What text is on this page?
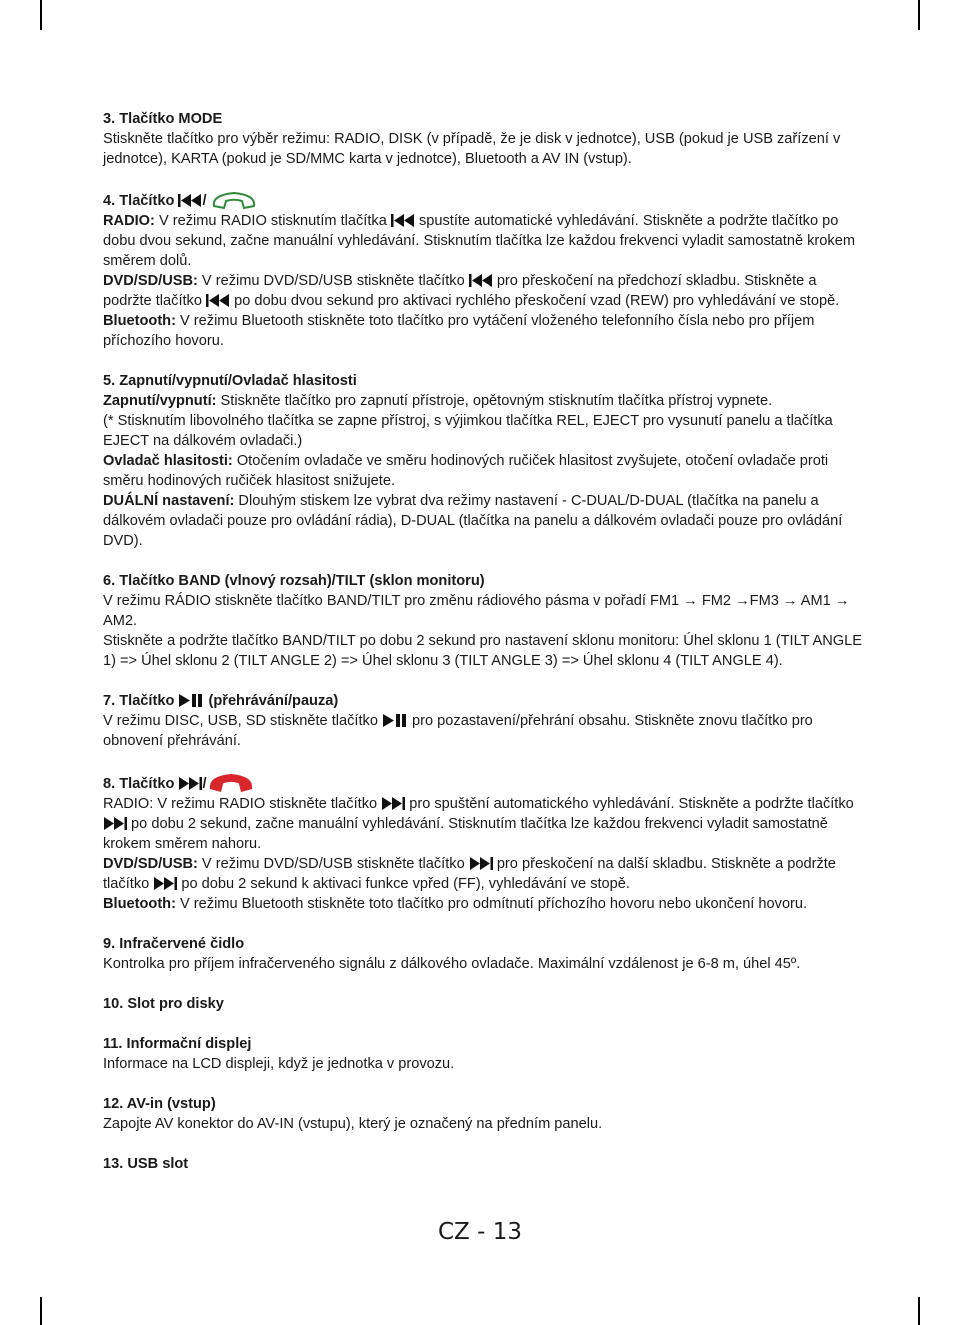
3. Tlačítko MODE

Stiskněte tlačítko pro výběr režimu: RADIO, DISK (v případě, že je disk v jednotce), USB (pokud je USB zařízení v jednotce), KARTA (pokud je SD/MMC karta v jednotce), Bluetooth a AV IN (vstup).

4. Tlačítko /

RADIO: V režimu RADIO stisknutím tlačítka
spustíte automatické vyhledávání. Stiskněte a podržte tlačítko po dobu dvou sekund, začne manuální vyhledávání. Stisknutím tlačítka lze každou frekvenci vyladit samostatně krokem směrem dolů.

DVD/SD/USB: V režimu DVD/SD/USB stiskněte tlačítko
pro přeskočení na předchozí skladbu. Stiskněte a podržte tlačítko
po dobu dvou sekund pro aktivaci rychlého přeskočení vzad (REW) pro vyhledávání ve stopě.

Bluetooth: V režimu Bluetooth stiskněte toto tlačítko pro vytáčení vloženého telefonního čísla nebo pro příjem příchozího hovoru.

5. Zapnutí/vypnutí/Ovladač hlasitosti

Zapnutí/vypnutí: Stiskněte tlačítko pro zapnutí přístroje, opětovným stisknutím tlačítka přístroj vypnete.

(* Stisknutím libovolného tlačítka se zapne přístroj, s výjimkou tlačítka REL, EJECT pro vysunutí panelu a tlačítka EJECT na dálkovém ovladači.)

Ovladač hlasitosti: Otočením ovladače ve směru hodinových ručiček hlasitost zvyšujete, otočení ovladače proti směru hodinových ručiček hlasitost snižujete.

DUÁLNÍ nastavení: Dlouhým stiskem lze vybrat dva režimy nastavení - C-DUAL/D-DUAL (tlačítka na panelu a dálkovém ovladači pouze pro ovládání rádia), D-DUAL (tlačítka na panelu a dálkovém ovladači pouze pro ovládání DVD).

6. Tlačítko BAND (vlnový rozsah)/TILT (sklon monitoru)

V režimu RÁDIO stiskněte tlačítko BAND/TILT pro změnu rádiového pásma v pořadí FM1 → FM2 →FM3 → AM1 → AM2.

Stiskněte a podržte tlačítko BAND/TILT po dobu 2 sekund pro nastavení sklonu monitoru: Úhel sklonu 1 (TILT ANGLE 1) => Úhel sklonu 2 (TILT ANGLE 2) => Úhel sklonu 3 (TILT ANGLE 3) => Úhel sklonu 4 (TILT ANGLE 4).

7. Tlačítko
(přehrávání/pauza)

V režimu DISC, USB, SD stiskněte tlačítko
pro pozastavení/přehrání obsahu. Stiskněte znovu tlačítko pro obnovení přehrávání.

8. Tlačítko /

RADIO: V režimu RADIO stiskněte tlačítko
pro spuštění automatického vyhledávání. Stiskněte a podržte tlačítko
po dobu 2 sekund, začne manuální vyhledávání. Stisknutím tlačítka lze každou frekvenci vyladit samostatně krokem směrem nahoru.

DVD/SD/USB: V režimu DVD/SD/USB stiskněte tlačítko
pro přeskočení na další skladbu. Stiskněte a podržte tlačítko
po dobu 2 sekund k aktivaci funkce vpřed (FF), vyhledávání ve stopě.

Bluetooth: V režimu Bluetooth stiskněte toto tlačítko pro odmítnutí příchozího hovoru nebo ukončení hovoru.

9. Infračervené čidlo

Kontrolka pro příjem infračerveného signálu z dálkového ovladače. Maximální vzdálenost je 6-8 m, úhel 45º.

10. Slot pro disky

11. Informační displej

Informace na LCD displeji, když je jednotka v provozu.

12. AV-in (vstup)

Zapojte AV konektor do AV-IN (vstupu), který je označený na předním panelu.

13. USB slot

CZ - 13
